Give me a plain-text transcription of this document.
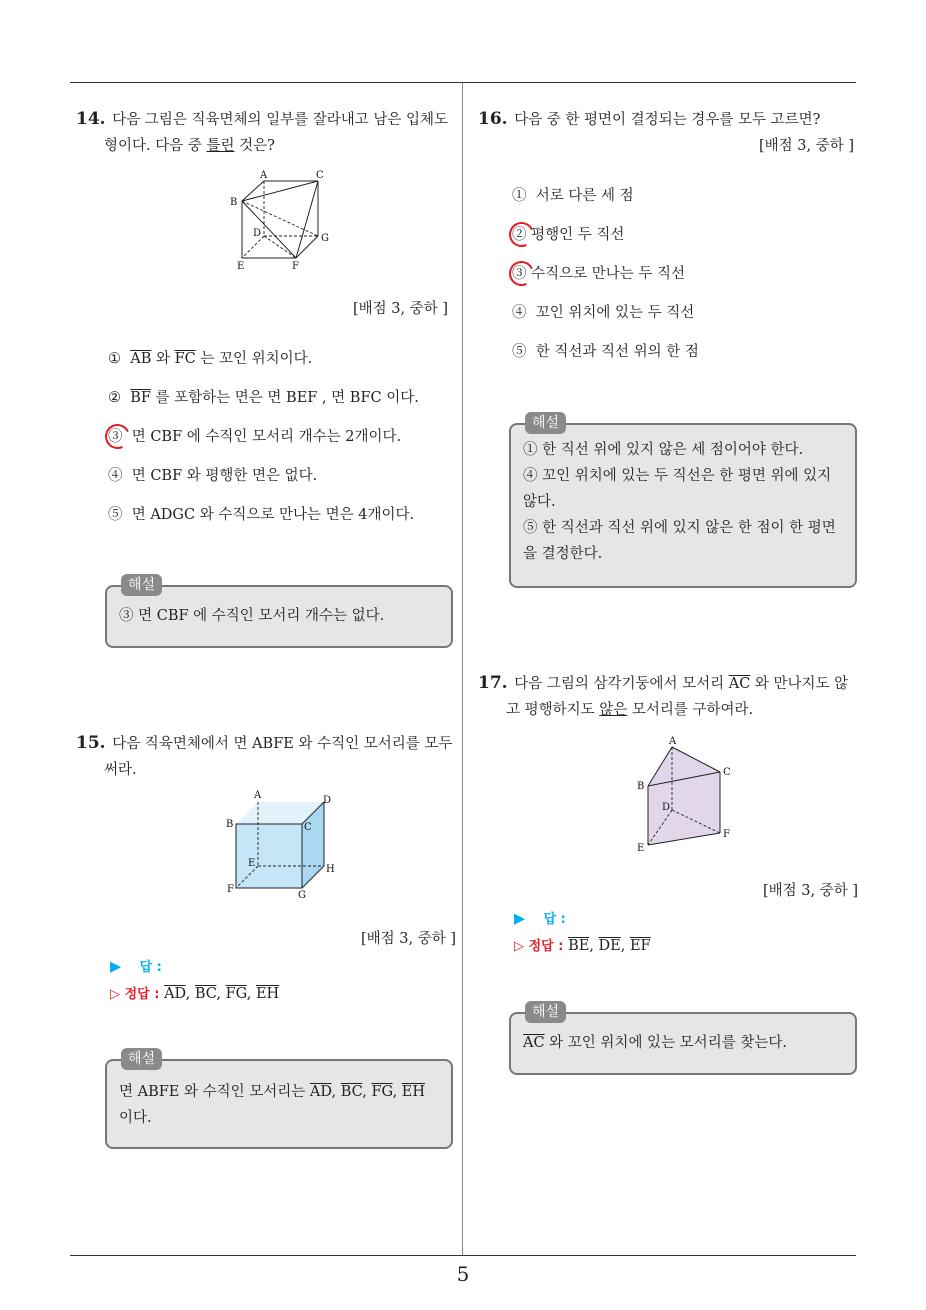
14. 다음 그림은 직육면체의 일부를 잘라내고 남은 입체도형이다. 다음 중 틀린 것은?
A	C
B
D	G
E	F
[배점 3, 중하 ]
① $\overline{AB}$ 와 $\overline{FC}$ 는 꼬인 위치이다.
② $\overline{BF}$ 를 포함하는 면은 면 BEF , 면 BFC 이다.
③ 면 CBF 에 수직인 모서리 개수는 2개이다.
④ 면 CBF 와 평행한 면은 없다.
⑤ 면 ADGC 와 수직으로 만나는 면은 4개이다.
해설
③ 면 CBF 에 수직인 모서리 개수는 없다.
15. 다음 직육면체에서 면 ABFE 와 수직인 모서리를 모두 써라.
A	D
B	C
E
H
F
G
[배점 3, 중하 ]
▶ 답 :
▷ 정답 : $\overline{AD}$, $\overline{BC}$, $\overline{FG}$, $\overline{EH}$
해설
면 ABFE 와 수직인 모서리는 $\overline{AD}$, $\overline{BC}$, $\overline{FG}$, $\overline{EH}$
이다.
16. 다음 중 한 평면이 결정되는 경우를 모두 고르면?
[배점 3, 중하 ]
① 서로 다른 세 점
② 평행인 두 직선
③ 수직으로 만나는 두 직선
④ 꼬인 위치에 있는 두 직선
⑤ 한 직선과 직선 위의 한 점
해설
① 한 직선 위에 있지 않은 세 점이어야 한다.
④ 꼬인 위치에 있는 두 직선은 한 평면 위에 있지 않다.
⑤ 한 직선과 직선 위에 있지 않은 한 점이 한 평면을 결정한다.
17. 다음 그림의 삼각기둥에서 모서리 $\overline{AC}$ 와 만나지도 않고 평행하지도 않은 모서리를 구하여라.
A
B
C
D
E
F
[배점 3, 중하 ]
▶ 답 :
▷ 정답 : $\overline{BE}$, $\overline{DE}$, $\overline{EF}$
해설
$\overline{AC}$ 와 꼬인 위치에 있는 모서리를 찾는다.
5
